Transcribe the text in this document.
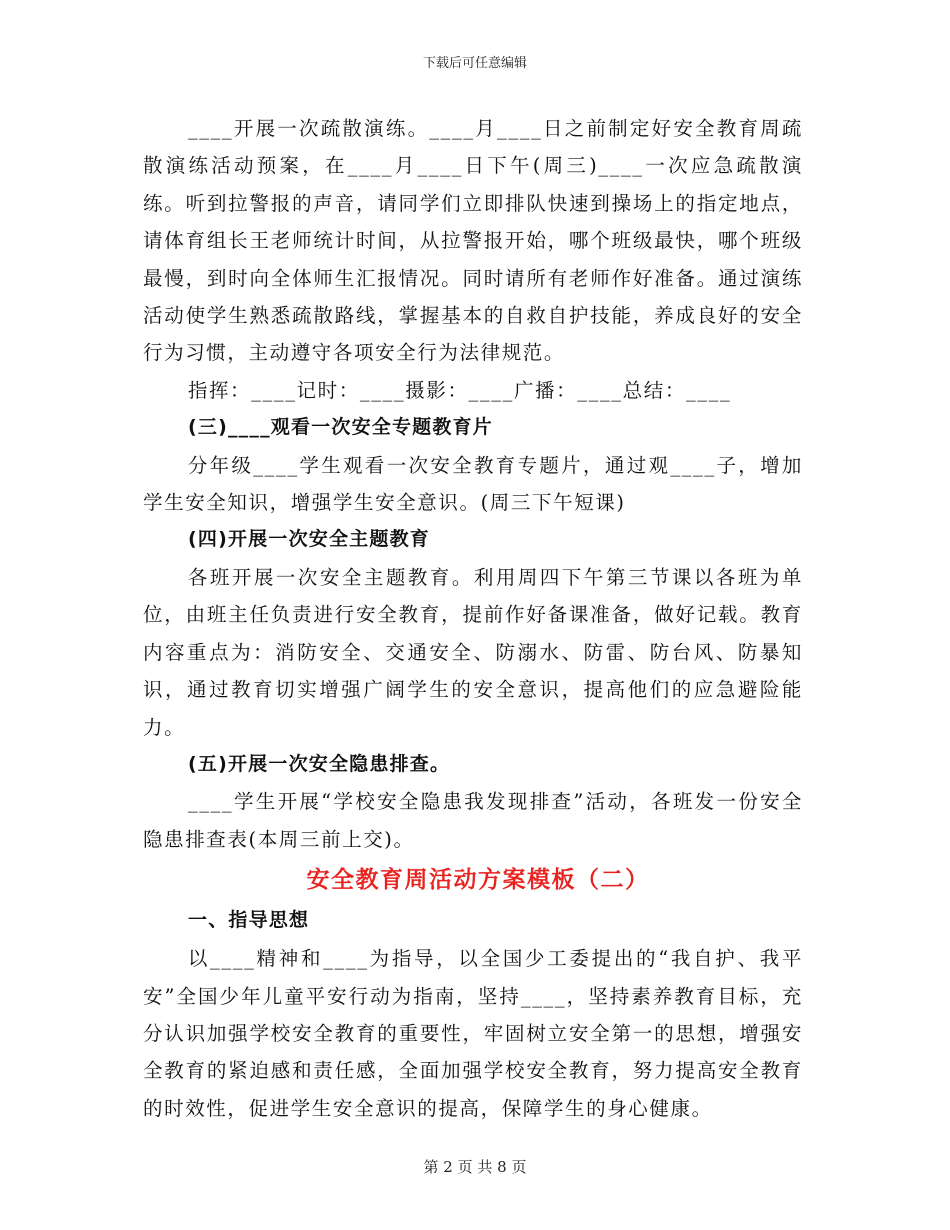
下载后可任意编辑

____开展一次疏散演练。____月____日之前制定好安全教育周疏散演练活动预案，在____月____日下午(周三)____一次应急疏散演练。听到拉警报的声音，请同学们立即排队快速到操场上的指定地点，请体育组长王老师统计时间，从拉警报开始，哪个班级最快，哪个班级最慢，到时向全体师生汇报情况。同时请所有老师作好准备。通过演练活动使学生熟悉疏散路线，掌握基本的自救自护技能，养成良好的安全行为习惯，主动遵守各项安全行为法律规范。

指挥：____记时：____摄影：____广播：____总结：____

(三)____观看一次安全专题教育片

分年级____学生观看一次安全教育专题片，通过观____子，增加学生安全知识，增强学生安全意识。(周三下午短课)

(四)开展一次安全主题教育

各班开展一次安全主题教育。利用周四下午第三节课以各班为单位，由班主任负责进行安全教育，提前作好备课准备，做好记载。教育内容重点为：消防安全、交通安全、防溺水、防雷、防台风、防暴知识，通过教育切实增强广阔学生的安全意识，提高他们的应急避险能力。

(五)开展一次安全隐患排查。

____学生开展“学校安全隐患我发现排查”活动，各班发一份安全隐患排查表(本周三前上交)。

安全教育周活动方案模板（二）

一、指导思想

以____精神和____为指导，以全国少工委提出的“我自护、我平安”全国少年儿童平安行动为指南，坚持____，坚持素养教育目标，充分认识加强学校安全教育的重要性，牢固树立安全第一的思想，增强安全教育的紧迫感和责任感，全面加强学校安全教育，努力提高安全教育的时效性，促进学生安全意识的提高，保障学生的身心健康。

第 2 页 共 8 页
